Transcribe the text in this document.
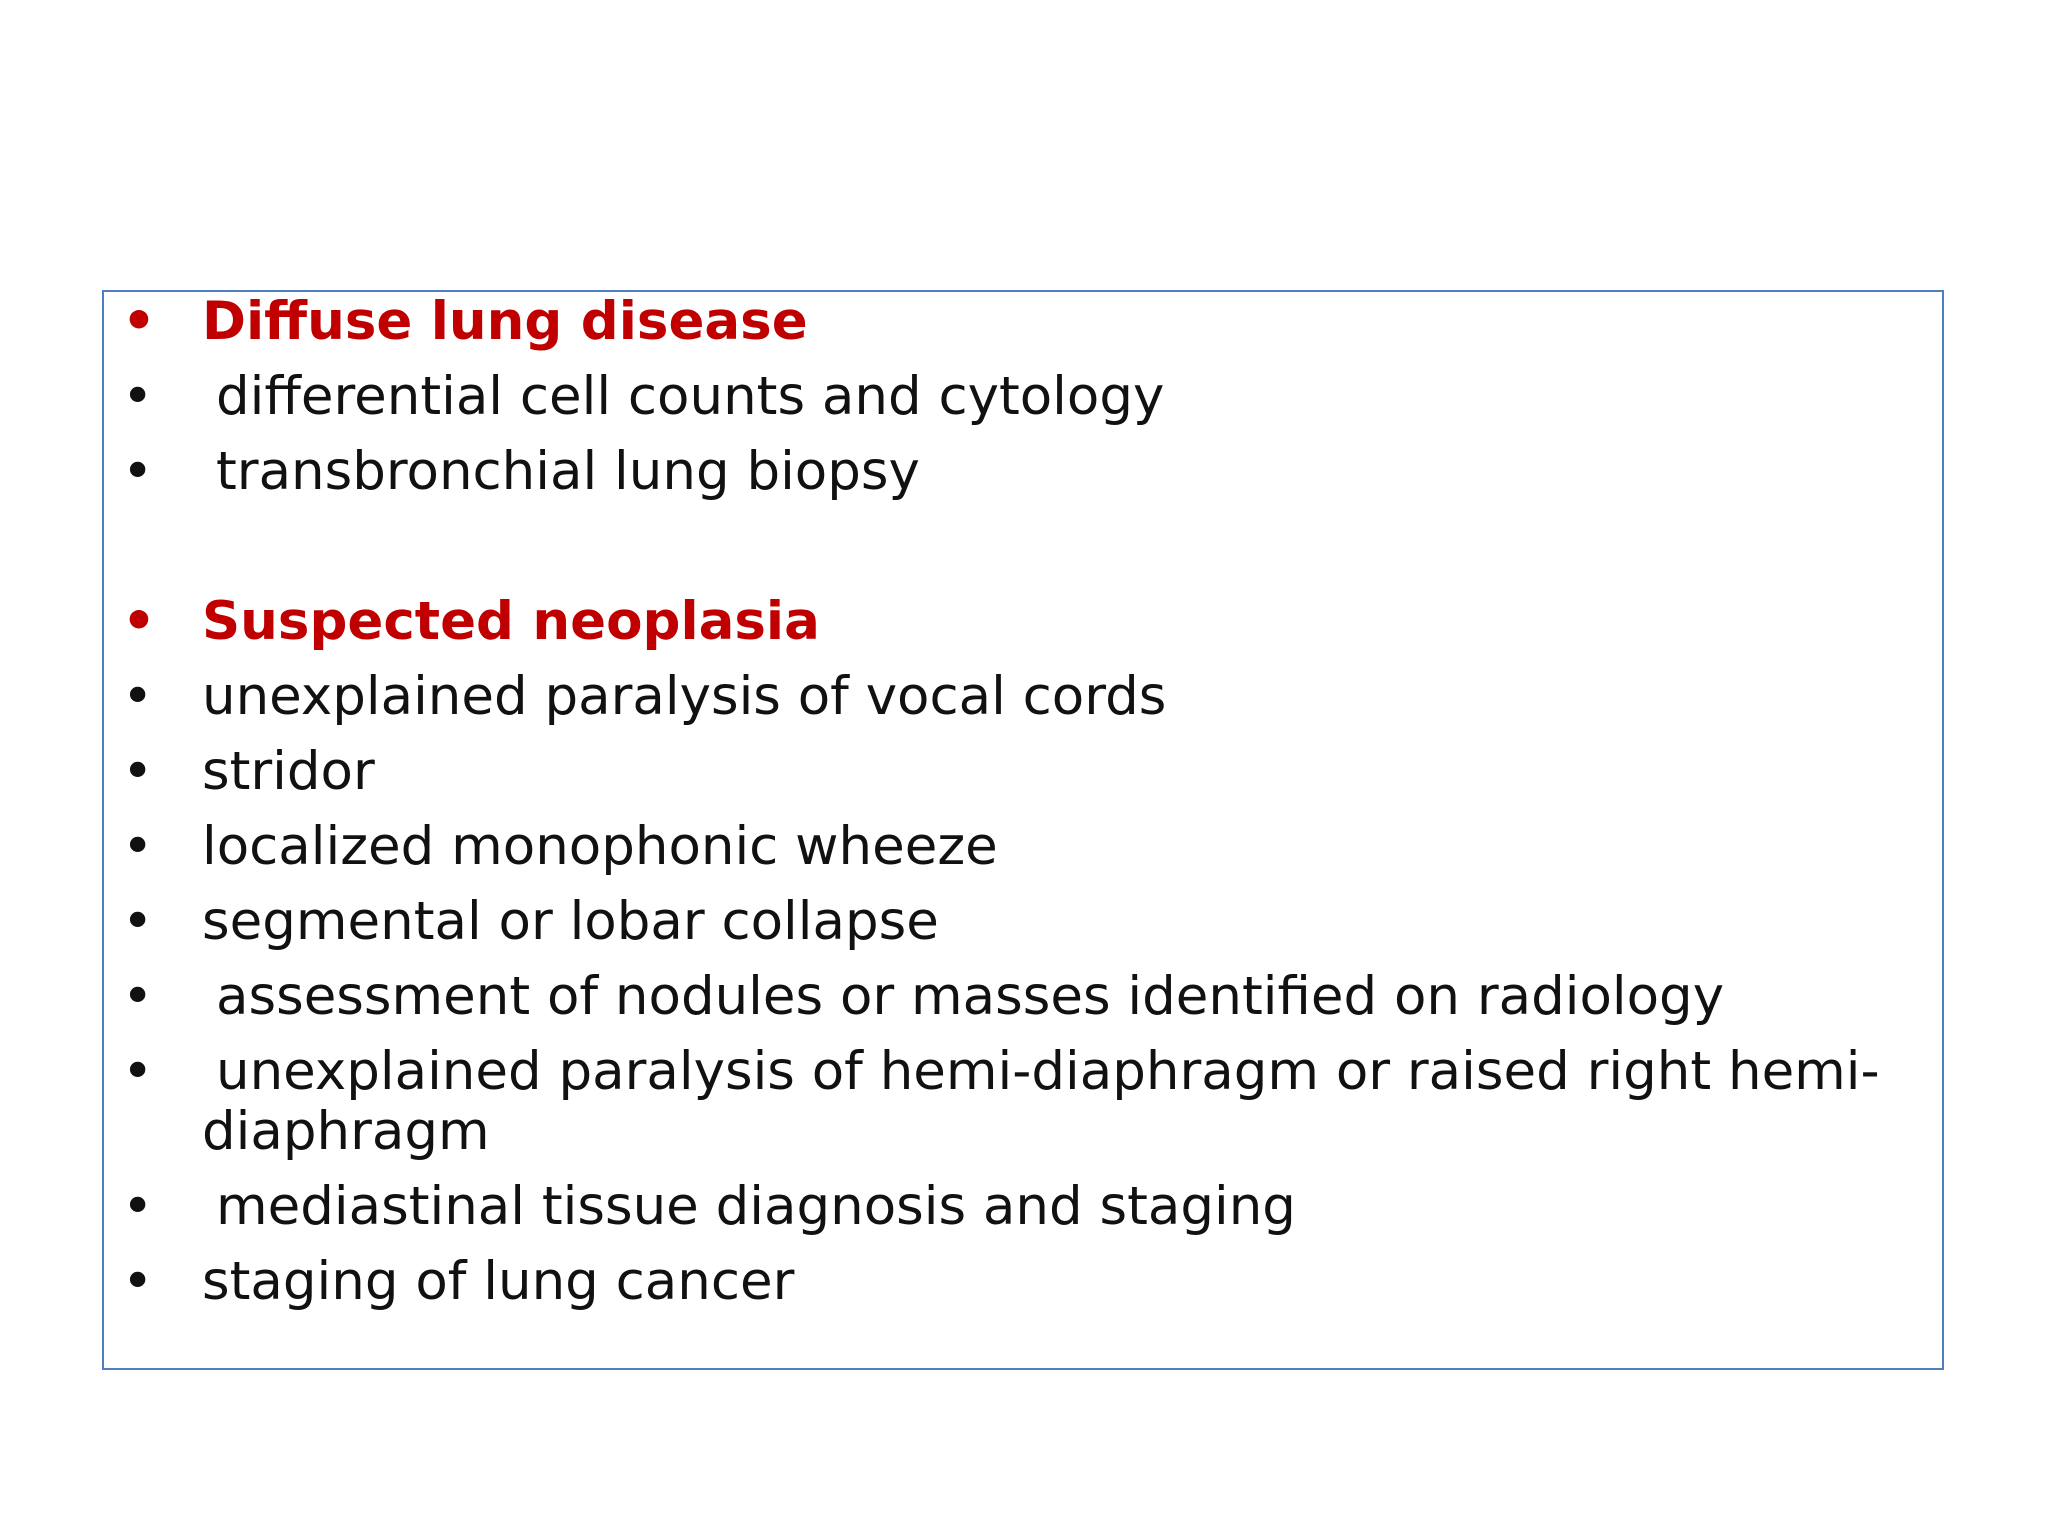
• Diffuse lung disease
• differential cell counts and cytology
• transbronchial lung biopsy
• Suspected neoplasia
• unexplained paralysis of vocal cords
• stridor
• localized monophonic wheeze
• segmental or lobar collapse
• assessment of nodules or masses identified on radiology
• unexplained paralysis of hemi-diaphragm or raised right hemi-diaphragm
• mediastinal tissue diagnosis and staging
• staging of lung cancer
